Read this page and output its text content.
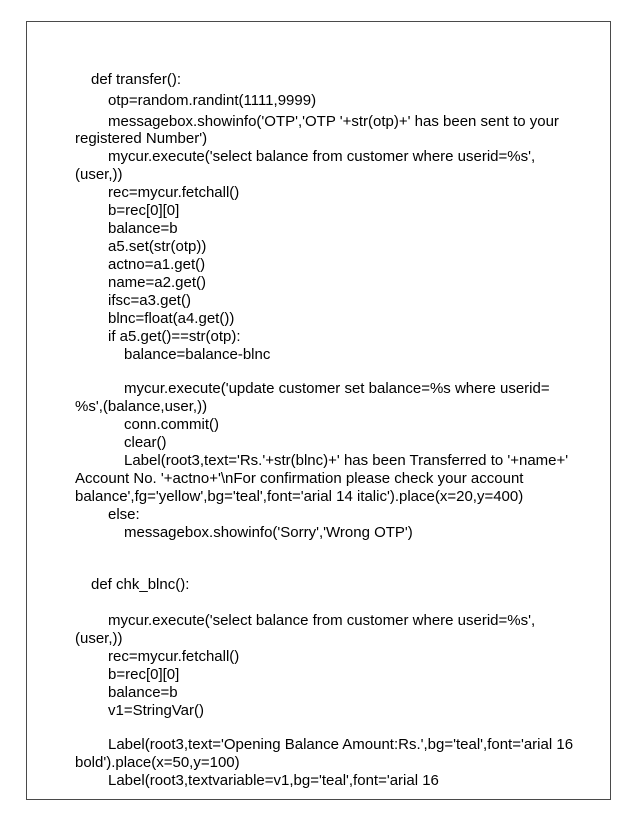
def transfer():
otp=random.randint(1111,9999)
messagebox.showinfo('OTP','OTP '+str(otp)+' has been sent to your
registered Number')
mycur.execute('select balance from customer where userid=%s',
(user,))
rec=mycur.fetchall()
b=rec[0][0]
balance=b
a5.set(str(otp))
actno=a1.get()
name=a2.get()
ifsc=a3.get()
blnc=float(a4.get())
if a5.get()==str(otp):
balance=balance-blnc
mycur.execute('update customer set balance=%s where userid=
%s',(balance,user,))
conn.commit()
clear()
Label(root3,text='Rs.'+str(blnc)+' has been Transferred to '+name+'
Account No. '+actno+'\nFor confirmation please check your account
balance',fg='yellow',bg='teal',font='arial 14 italic').place(x=20,y=400)
else:
messagebox.showinfo('Sorry','Wrong OTP')
def chk_blnc():
mycur.execute('select balance from customer where userid=%s',
(user,))
rec=mycur.fetchall()
b=rec[0][0]
balance=b
v1=StringVar()
Label(root3,text='Opening Balance Amount:Rs.',bg='teal',font='arial 16
bold').place(x=50,y=100)
Label(root3,textvariable=v1,bg='teal',font='arial 16
